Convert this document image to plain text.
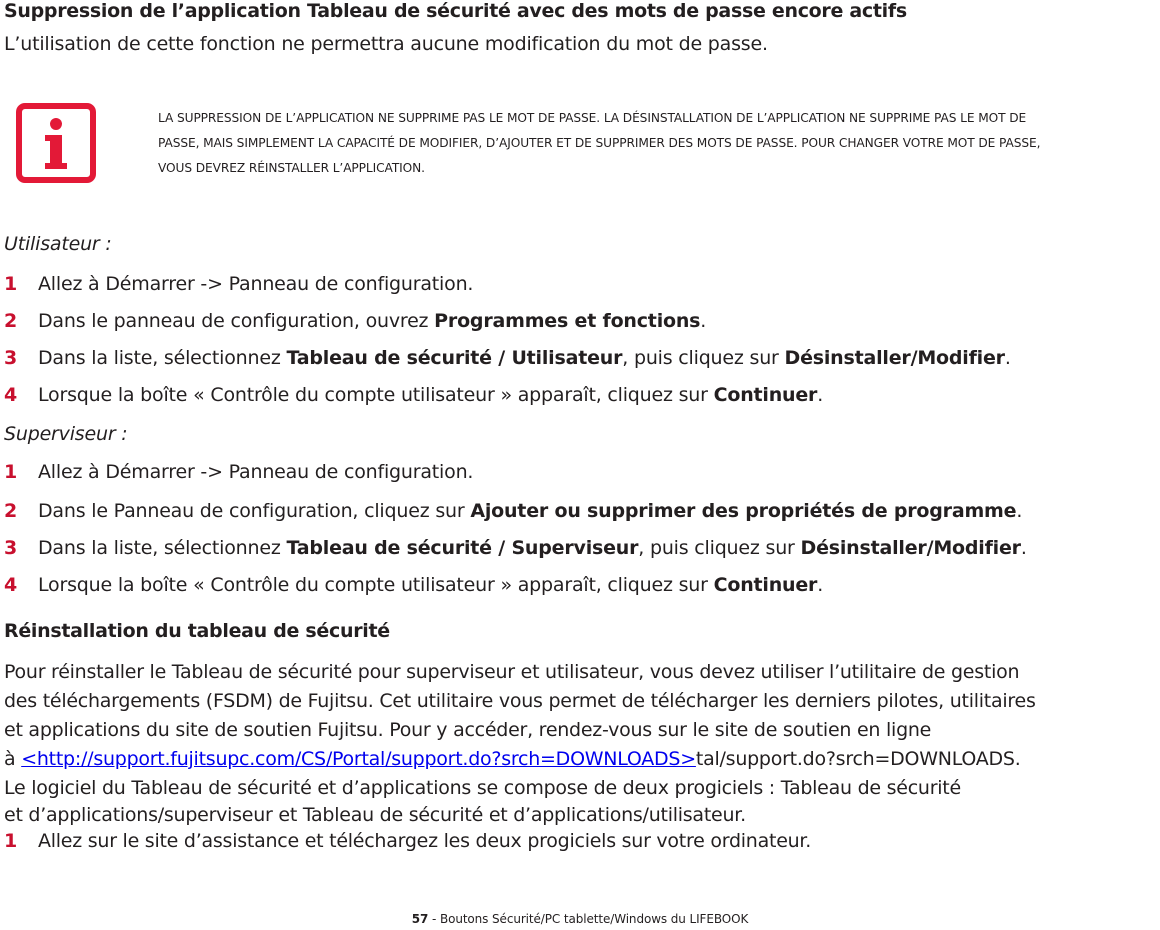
Suppression de l’application Tableau de sécurité avec des mots de passe encore actifs
L’utilisation de cette fonction ne permettra aucune modification du mot de passe.
LA SUPPRESSION DE L’APPLICATION NE SUPPRIME PAS LE MOT DE PASSE. LA DÉSINSTALLATION DE L’APPLICATION NE SUPPRIME PAS LE MOT DE
PASSE, MAIS SIMPLEMENT LA CAPACITÉ DE MODIFIER, D’AJOUTER ET DE SUPPRIMER DES MOTS DE PASSE. POUR CHANGER VOTRE MOT DE PASSE,
VOUS DEVREZ RÉINSTALLER L’APPLICATION.
Utilisateur :
1 Allez à Démarrer -> Panneau de configuration.
2 Dans le panneau de configuration, ouvrez Programmes et fonctions.
3 Dans la liste, sélectionnez Tableau de sécurité / Utilisateur, puis cliquez sur Désinstaller/Modifier.
4 Lorsque la boîte « Contrôle du compte utilisateur » apparaît, cliquez sur Continuer.
Superviseur :
1 Allez à Démarrer -> Panneau de configuration.
2 Dans le Panneau de configuration, cliquez sur Ajouter ou supprimer des propriétés de programme.
3 Dans la liste, sélectionnez Tableau de sécurité / Superviseur, puis cliquez sur Désinstaller/Modifier.
4 Lorsque la boîte « Contrôle du compte utilisateur » apparaît, cliquez sur Continuer.
Réinstallation du tableau de sécurité

Pour réinstaller le Tableau de sécurité pour superviseur et utilisateur, vous devez utiliser l’utilitaire de gestion

des téléchargements (FSDM) de Fujitsu. Cet utilitaire vous permet de télécharger les derniers pilotes, utilitaires

et applications du site de soutien Fujitsu. Pour y accéder, rendez-vous sur le site de soutien en ligne

à <http://support.fujitsupc.com/CS/Portal/support.do?srch=DOWNLOADS>tal/support.do?srch=DOWNLOADS.

Le logiciel du Tableau de sécurité et d’applications se compose de deux progiciels : Tableau de sécurité

et d’applications/superviseur et Tableau de sécurité et d’applications/utilisateur.

1 Allez sur le site d’assistance et téléchargez les deux progiciels sur votre ordinateur.

57 - Boutons Sécurité/PC tablette/Windows du LIFEBOOK
